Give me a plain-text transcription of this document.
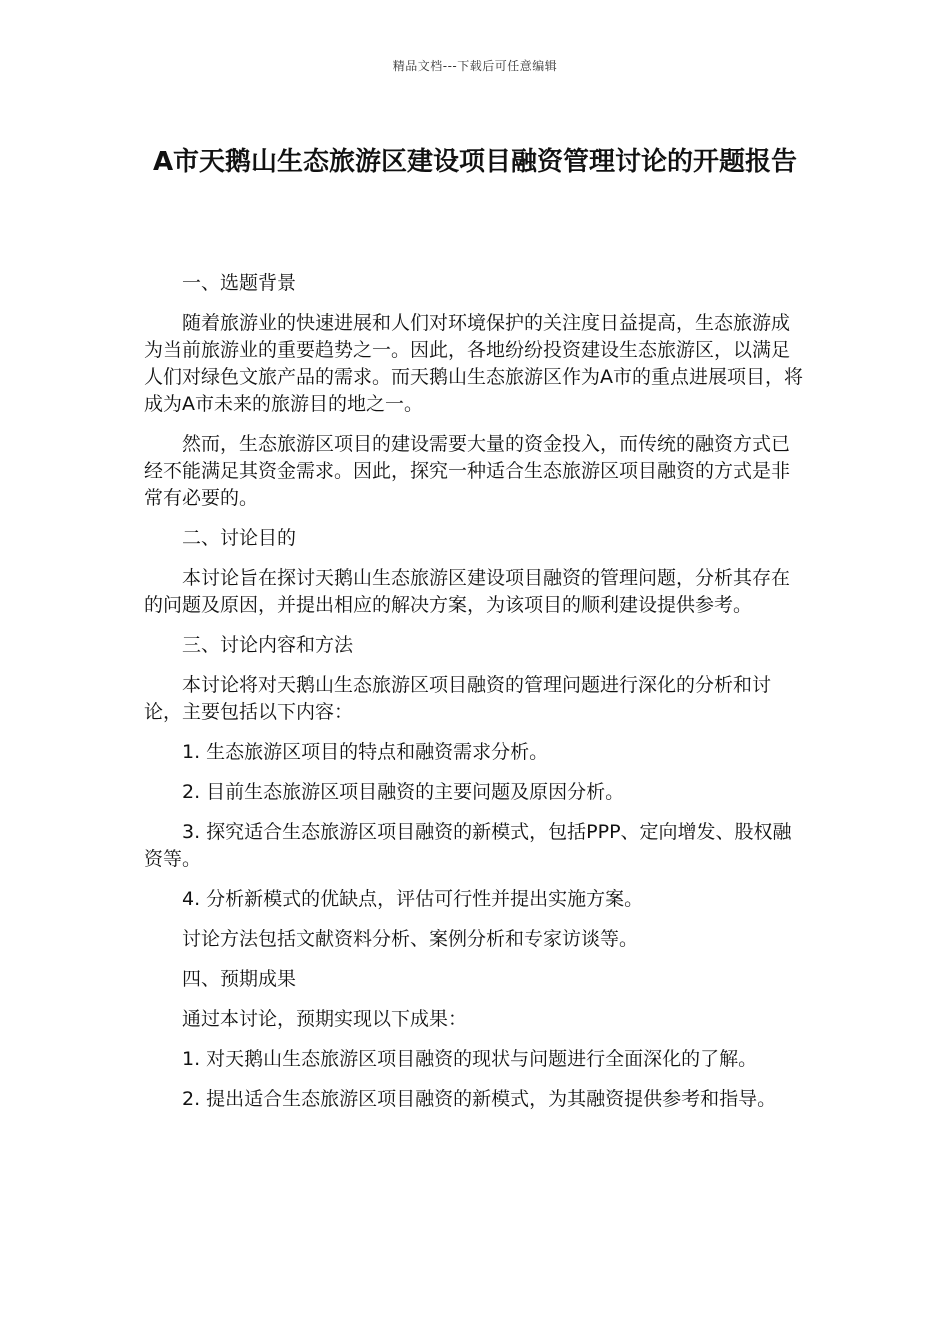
精品文档---下载后可任意编辑
A市天鹅山生态旅游区建设项目融资管理讨论的开题报告

一、选题背景

随着旅游业的快速进展和人们对环境保护的关注度日益提高，生态旅游成为当前旅游业的重要趋势之一。因此，各地纷纷投资建设生态旅游区，以满足人们对绿色文旅产品的需求。而天鹅山生态旅游区作为A市的重点进展项目，将成为A市未来的旅游目的地之一。

然而，生态旅游区项目的建设需要大量的资金投入，而传统的融资方式已经不能满足其资金需求。因此，探究一种适合生态旅游区项目融资的方式是非常有必要的。

二、讨论目的

本讨论旨在探讨天鹅山生态旅游区建设项目融资的管理问题，分析其存在的问题及原因，并提出相应的解决方案，为该项目的顺利建设提供参考。

三、讨论内容和方法

本讨论将对天鹅山生态旅游区项目融资的管理问题进行深化的分析和讨论，主要包括以下内容：

1. 生态旅游区项目的特点和融资需求分析。

2. 目前生态旅游区项目融资的主要问题及原因分析。

3. 探究适合生态旅游区项目融资的新模式，包括PPP、定向增发、股权融资等。

4. 分析新模式的优缺点，评估可行性并提出实施方案。

讨论方法包括文献资料分析、案例分析和专家访谈等。

四、预期成果

通过本讨论，预期实现以下成果：

1. 对天鹅山生态旅游区项目融资的现状与问题进行全面深化的了解。

2. 提出适合生态旅游区项目融资的新模式，为其融资提供参考和指导。
